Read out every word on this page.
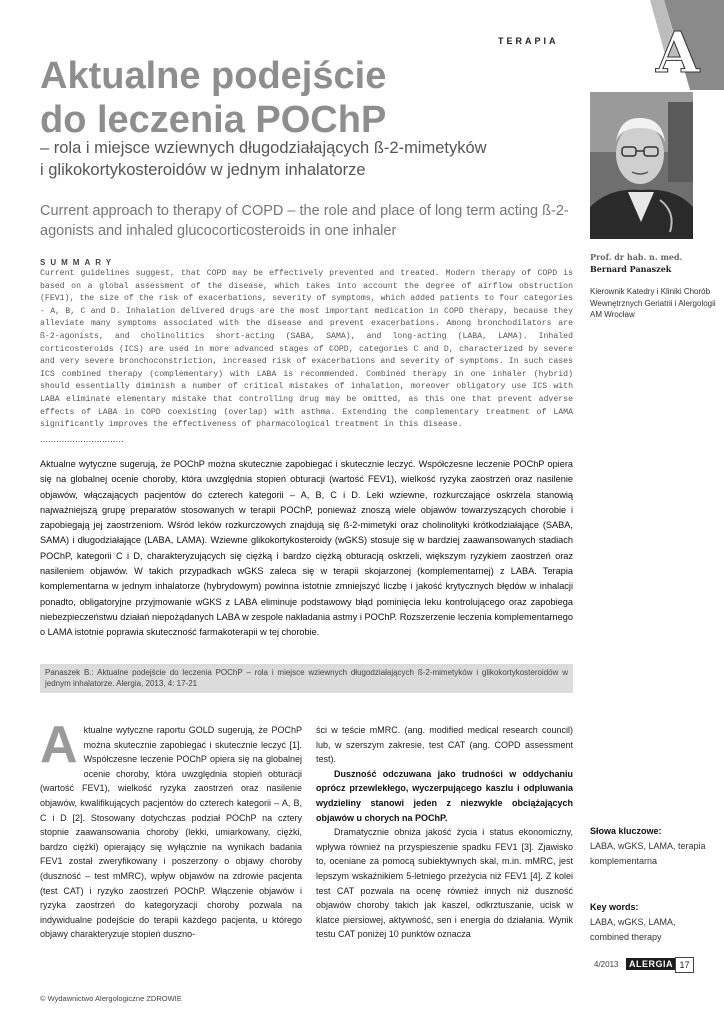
TERAPIA A
Aktualne podejście
do leczenia POChP
– rola i miejsce wziewnych długodziałających ß-2-mimetyków
i glikokortykosteroidów w jednym inhalatorze
Current approach to therapy of COPD – the role and place of long term acting ß-2-agonists and inhaled glucocorticosteroids in one inhaler
Prof. dr hab. n. med.
Bernard Panaszek
Kierownik Katedry i Kliniki Chorób Wewnętrznych Geriatrii i Alergologii AM Wrocław
SUMMARY
Current guidelines suggest, that COPD may be effectively prevented and treated. Modern therapy of COPD is based on a global assessment of the disease, which takes into account the degree of airflow obstruction (FEV1), the size of the risk of exacerbations, severity of symptoms, which added patients to four categories - A, B, C and D. Inhalation delivered drugs are the most important medication in COPD therapy, because they alleviate many symptoms associated with the disease and prevent exacerbations. Among bronchodilators are ß-2-agonists, and cholinolitics short-acting (SABA, SAMA), and long-acting (LABA, LAMA). Inhaled corticosteroids (ICS) are used in more advanced stages of COPD, categories C and D, characterized by severe and very severe bronchoconstriction, increased risk of exacerbations and severity of symptoms. In such cases ICS combined therapy (complementary) with LABA is recommended. Combined therapy in one inhaler (hybrid) should essentially diminish a number of critical mistakes of inhalation, moreover obligatory use ICS with LABA eliminate elementary mistake that controlling drug may be omitted, as this one that prevent adverse effects of LABA in COPD coexisting (overlap) with asthma. Extending the complementary treatment of LAMA significantly improves the effectiveness of pharmacological treatment in this disease.
...............................
Aktualne wytyczne sugerują, że POChP można skutecznie zapobiegać i skutecznie leczyć. Współczesne leczenie POChP opiera się na globalnej ocenie choroby, która uwzględnia stopień obturacji (wartość FEV1), wielkość ryzyka zaostrzeń oraz nasilenie objawów, włączających pacjentów do czterech kategorii – A, B, C i D. Leki wziewne, rozkurczające oskrzela stanowią najważniejszą grupę preparatów stosowanych w terapii POChP, ponieważ znoszą wiele objawów towarzyszących chorobie i zapobiegają jej zaostrzeniom. Wśród leków rozkurczowych znajdują się ß-2-mimetyki oraz cholinolityki krótkodziałające (SABA, SAMA) i długodziałające (LABA, LAMA). Wziewne glikokortykosteroidy (wGKS) stosuje się w bardziej zaawansowanych stadiach POChP, kategorii C i D, charakteryzujących się ciężką i bardzo ciężką obturacją oskrzeli, większym ryzykiem zaostrzeń oraz nasileniem objawów. W takich przypadkach wGKS zaleca się w terapii skojarzonej (komplementarnej) z LABA. Terapia komplementarna w jednym inhalatorze (hybrydowym) powinna istotnie zmniejszyć liczbę i jakość krytycznych błędów w inhalacji ponadto, obligatoryjne przyjmowanie wGKS z LABA eliminuje podstawowy błąd pominięcia leku kontrolującego oraz zapobiega niebezpieczeństwu działań niepożądanych LABA w zespole nakładania astmy i POChP. Rozszerzenie leczenia komplementarnego o LAMA istotnie poprawia skuteczność farmakoterapii w tej chorobie.
Panaszek B.: Aktualne podejście do leczenia POChP – rola i miejsce wziewnych długodziałających ß-2-mimetyków i glikokortykosteroidów w jednym inhalatorze. Alergia, 2013, 4: 17-21
A ktualne wytyczne raportu GOLD sugerują, że POChP można skutecznie zapobiegać i skutecznie leczyć [1]. Współczesne leczenie POChP opiera się na globalnej ocenie choroby, która uwzględnia stopień obturacji (wartość FEV1), wielkość ryzyka zaostrzeń oraz nasilenie objawów, kwalifikujących pacjentów do czterech kategorii – A, B, C i D [2]. Stosowany dotychczas podział POChP na cztery stopnie zaawansowania choroby (lekki, umiarkowany, ciężki, bardzo ciężki) opierający się wyłącznie na wynikach badania FEV1 został zweryfikowany i poszerzony o objawy choroby (duszność – test mMRC), wpływ objawów na zdrowie pacjenta (test CAT) i ryzyko zaostrzeń POChP. Włączenie objawów i ryzyka zaostrzeń do kategoryzacji choroby pozwala na indywidualne podejście do terapii każdego pacjenta, u którego objawy charakteryzuje stopień duszno-

ści w teście mMRC. (ang. modified medical research council) lub, w szerszym zakresie, test CAT (ang. COPD assessment test).

Duszność odczuwana jako trudności w oddychaniu oprócz przewlekłego, wyczerpującego kaszlu i odpluwania wydzieliny stanowi jeden z niezwykle obciążających objawów u chorych na POChP.

Dramatycznie obniża jakość życia i status ekonomiczny, wpływa również na przyspieszenie spadku FEV1 [3]. Zjawisko to, oceniane za pomocą subiektywnych skal, m.in. mMRC, jest lepszym wskaźnikiem 5-letniego przeżycia niż FEV1 [4]. Z kolei test CAT pozwala na ocenę również innych niż duszność objawów choroby takich jak kaszel, odkrztuszanie, ucisk w klatce piersiowej, aktywność, sen i energia do działania. Wynik testu CAT poniżej 10 punktów oznacza

Słowa kluczowe:
LABA, wGKS, LAMA, terapia komplementarna
Key words:
LABA, wGKS, LAMA, combined therapy
4/2013	ALERGIA 17
© Wydawnictwo Alergologiczne ZDROWIE
